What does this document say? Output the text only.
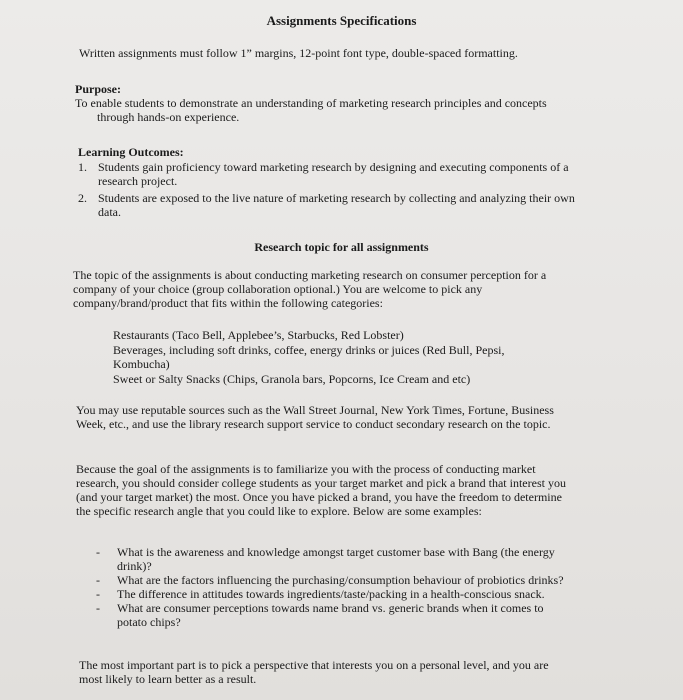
Assignments Specifications

Written assignments must follow 1” margins, 12-point font type, double-spaced formatting.

Purpose:

To enable students to demonstrate an understanding of marketing research principles and concepts through hands-on experience.

Learning Outcomes:

1. Students gain proficiency toward marketing research by designing and executing components of a research project.
2. Students are exposed to the live nature of marketing research by collecting and analyzing their own data.
Research topic for all assignments

The topic of the assignments is about conducting marketing research on consumer perception for a company of your choice (group collaboration optional.) You are welcome to pick any company/brand/product that fits within the following categories:

Restaurants (Taco Bell, Applebee’s, Starbucks, Red Lobster)

Beverages, including soft drinks, coffee, energy drinks or juices (Red Bull, Pepsi, Kombucha)

Sweet or Salty Snacks (Chips, Granola bars, Popcorns, Ice Cream and etc)

You may use reputable sources such as the Wall Street Journal, New York Times, Fortune, Business Week, etc., and use the library research support service to conduct secondary research on the topic.

Because the goal of the assignments is to familiarize you with the process of conducting market research, you should consider college students as your target market and pick a brand that interest you (and your target market) the most. Once you have picked a brand, you have the freedom to determine the specific research angle that you could like to explore. Below are some examples:

- What is the awareness and knowledge amongst target customer base with Bang (the energy drink)?
- What are the factors influencing the purchasing/consumption behaviour of probiotics drinks?
- The difference in attitudes towards ingredients/taste/packing in a health-conscious snack.
- What are consumer perceptions towards name brand vs. generic brands when it comes to potato chips?

The most important part is to pick a perspective that interests you on a personal level, and you are most likely to learn better as a result.
